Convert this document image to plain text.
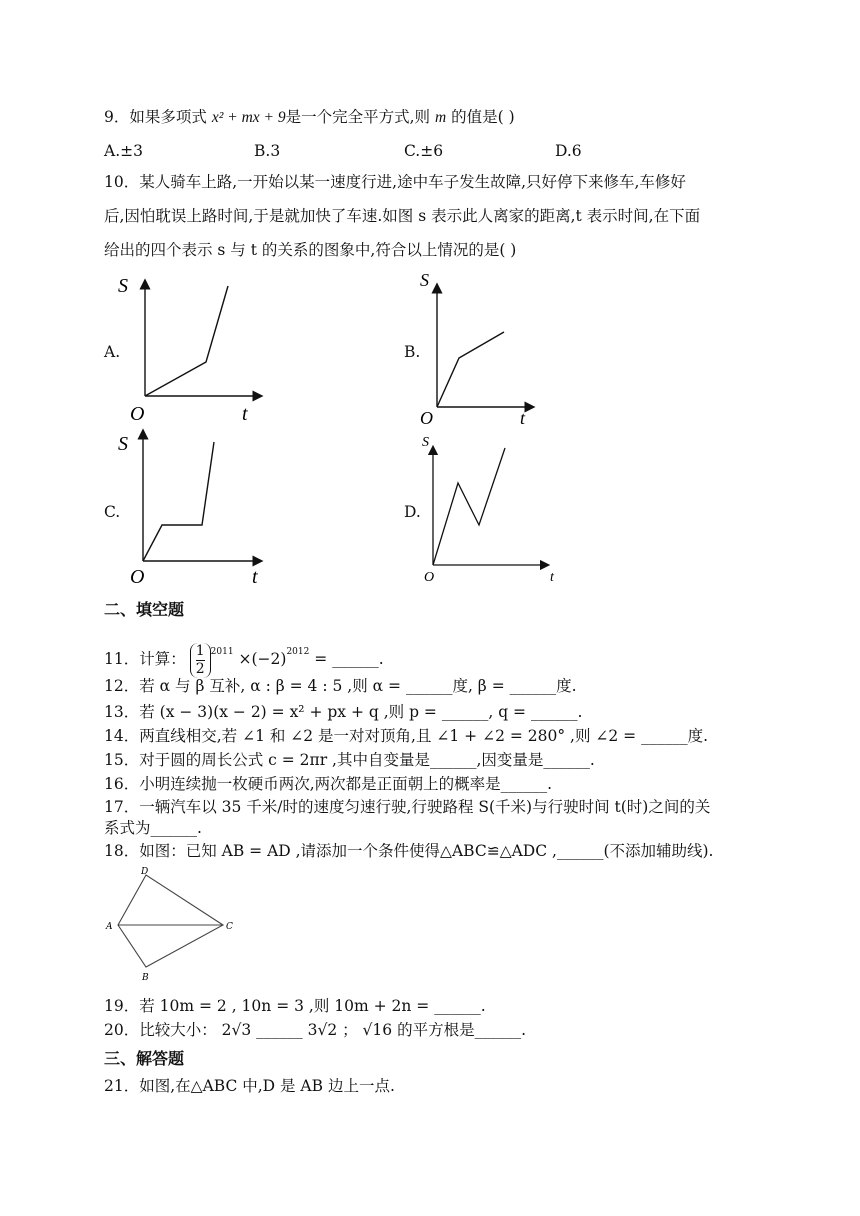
9．如果多项式 x² + mx + 9是一个完全平方式,则 m 的值是( )
A.±3	B.3	C.±6	D.6
10．某人骑车上路,一开始以某一速度行进,途中车子发生故障,只好停下来修车,车修好
后,因怕耽误上路时间,于是就加快了车速.如图 s 表示此人离家的距离,t 表示时间,在下面
给出的四个表示 s 与 t 的关系的图象中,符合以上情况的是( )
A.	B.
C.	D.
S
O	t
S
O	t
S
O	t
S
O	t
二、填空题
11．计算： $\frac{1}{2} ^{2011} \times(-2)^{2012}$ = ______.
12．若 α 与 β 互补, α : β = 4 : 5 ,则 α = ______度, β = ______度.
13．若 (x − 3)(x − 2) = x² + px + q ,则 p = ______, q = ______.
14．两直线相交,若 ∠1 和 ∠2 是一对对顶角,且 ∠1 + ∠2 = 280° ,则 ∠2 = ______度.
15．对于圆的周长公式 c = 2πr ,其中自变量是______,因变量是______.
16．小明连续抛一枚硬币两次,两次都是正面朝上的概率是______.
17．一辆汽车以 35 千米/时的速度匀速行驶,行驶路程 S(千米)与行驶时间 t(时)之间的关
系式为______.
18．如图：已知 AB = AD ,请添加一个条件使得△ABC≌△ADC ,______(不添加辅助线).
D
A	C
B
19．若 10m = 2 , 10n = 3 ,则 10m + 2n = ______.
20．比较大小： 2√3 ______ 3√2 ； √16 的平方根是______.
三、解答题
21．如图,在△ABC 中,D 是 AB 边上一点.
